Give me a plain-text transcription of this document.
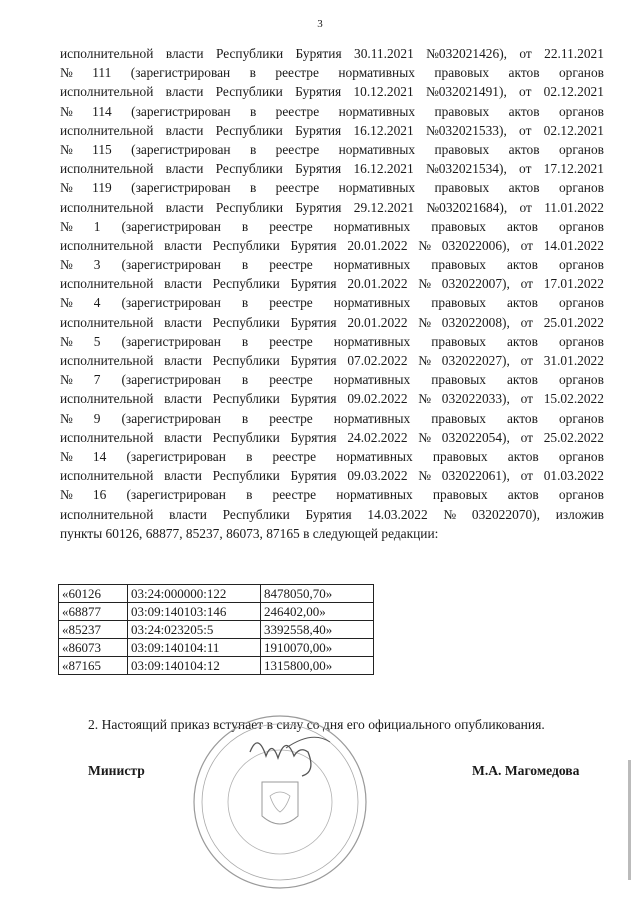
3
исполнительной власти Республики Бурятия 30.11.2021 №032021426), от 22.11.2021
№ 111 (зарегистрирован в реестре нормативных правовых актов органов
исполнительной власти Республики Бурятия 10.12.2021 №032021491), от 02.12.2021
№ 114 (зарегистрирован в реестре нормативных правовых актов органов
исполнительной власти Республики Бурятия 16.12.2021 №032021533), от 02.12.2021
№ 115 (зарегистрирован в реестре нормативных правовых актов органов
исполнительной власти Республики Бурятия 16.12.2021 №032021534), от 17.12.2021
№ 119 (зарегистрирован в реестре нормативных правовых актов органов
исполнительной власти Республики Бурятия 29.12.2021 №032021684), от 11.01.2022
№ 1 (зарегистрирован в реестре нормативных правовых актов органов
исполнительной власти Республики Бурятия 20.01.2022 № 032022006), от 14.01.2022
№ 3 (зарегистрирован в реестре нормативных правовых актов органов
исполнительной власти Республики Бурятия 20.01.2022 № 032022007), от 17.01.2022
№ 4 (зарегистрирован в реестре нормативных правовых актов органов
исполнительной власти Республики Бурятия 20.01.2022 № 032022008), от 25.01.2022
№ 5 (зарегистрирован в реестре нормативных правовых актов органов
исполнительной власти Республики Бурятия 07.02.2022 № 032022027), от 31.01.2022
№ 7 (зарегистрирован в реестре нормативных правовых актов органов
исполнительной власти Республики Бурятия 09.02.2022 № 032022033), от 15.02.2022
№ 9 (зарегистрирован в реестре нормативных правовых актов органов
исполнительной власти Республики Бурятия 24.02.2022 № 032022054), от 25.02.2022
№ 14 (зарегистрирован в реестре нормативных правовых актов органов
исполнительной власти Республики Бурятия 09.03.2022 № 032022061), от 01.03.2022
№ 16 (зарегистрирован в реестре нормативных правовых актов органов
исполнительной власти Республики Бурятия 14.03.2022 № 032022070), изложив
пункты 60126, 68877, 85237, 86073, 87165 в следующей редакции:
«60126	03:24:000000:122	8478050,70»
«68877	03:09:140103:146	246402,00»
«85237	03:24:023205:5	3392558,40»
«86073	03:09:140104:11	1910070,00»
«87165	03:09:140104:12	1315800,00»
2. Настоящий приказ вступает в силу со дня его официального опубликования.
Министр	М.А. Магомедова
